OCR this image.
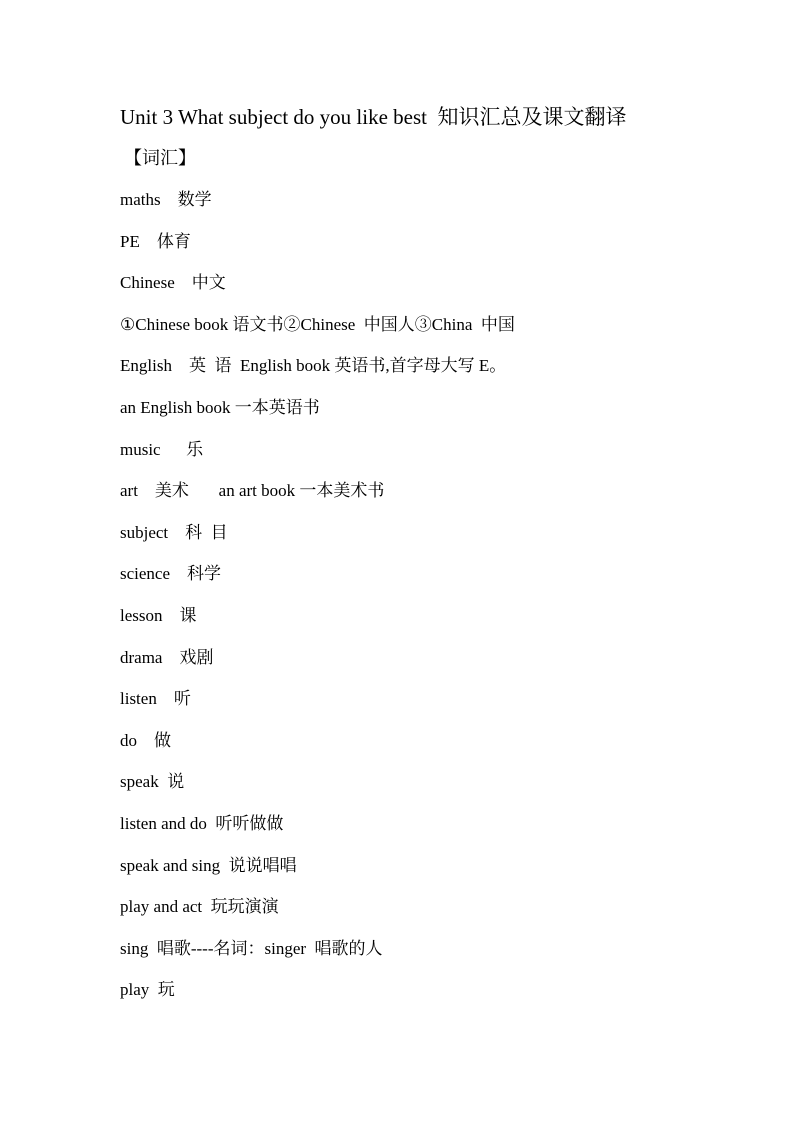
Unit 3 What subject do you like best  知识汇总及课文翻译
【词汇】
maths    数学
PE    体育
Chinese    中文
①Chinese book 语文书②Chinese  中国人③China  中国
English    英  语  English book 英语书,首字母大写 E。
an English book 一本英语书
music      乐
art    美术       an art book 一本美术书
subject    科  目
science    科学
lesson    课
drama    戏剧
listen    听
do    做
speak  说
listen and do  听听做做
speak and sing  说说唱唱
play and act  玩玩演演
sing  唱歌----名词：singer  唱歌的人
play  玩
